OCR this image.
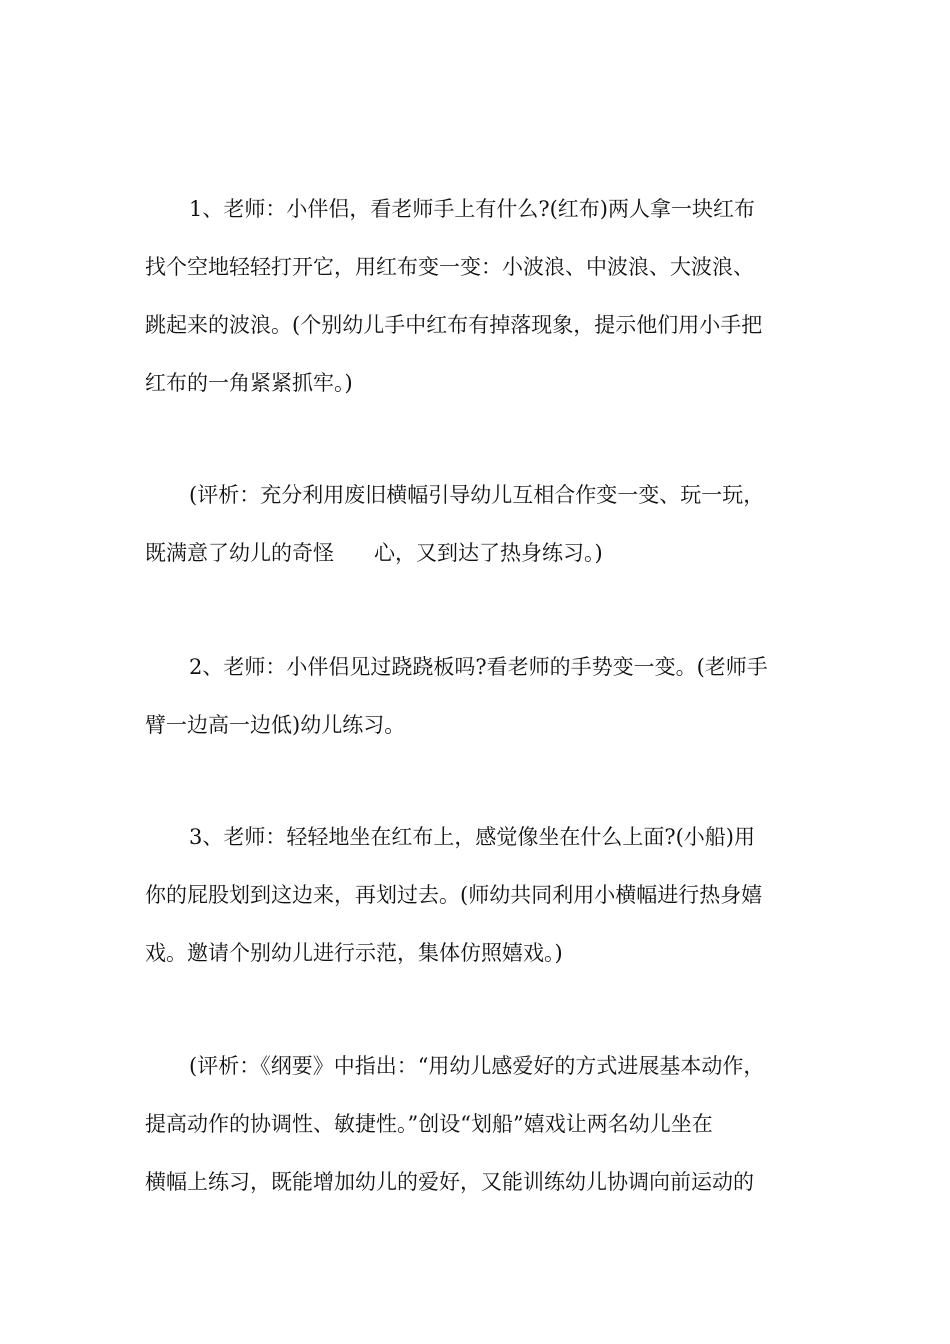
1、老师：小伴侣，看老师手上有什么?(红布)两人拿一块红布
找个空地轻轻打开它，用红布变一变：小波浪、中波浪、大波浪、
跳起来的波浪。(个别幼儿手中红布有掉落现象，提示他们用小手把
红布的一角紧紧抓牢。)

(评析：充分利用废旧横幅引导幼儿互相合作变一变、玩一玩，
既满意了幼儿的奇怪 心，又到达了热身练习。)

2、老师：小伴侣见过跷跷板吗?看老师的手势变一变。(老师手
臂一边高一边低)幼儿练习。

3、老师：轻轻地坐在红布上，感觉像坐在什么上面?(小船)用
你的屁股划到这边来，再划过去。(师幼共同利用小横幅进行热身嬉
戏。邀请个别幼儿进行示范，集体仿照嬉戏。)

(评析：《纲要》中指出：“用幼儿感爱好的方式进展基本动作，
提高动作的协调性、敏捷性。”创设“划船”嬉戏让两名幼儿坐在
横幅上练习，既能增加幼儿的爱好，又能训练幼儿协调向前运动的
